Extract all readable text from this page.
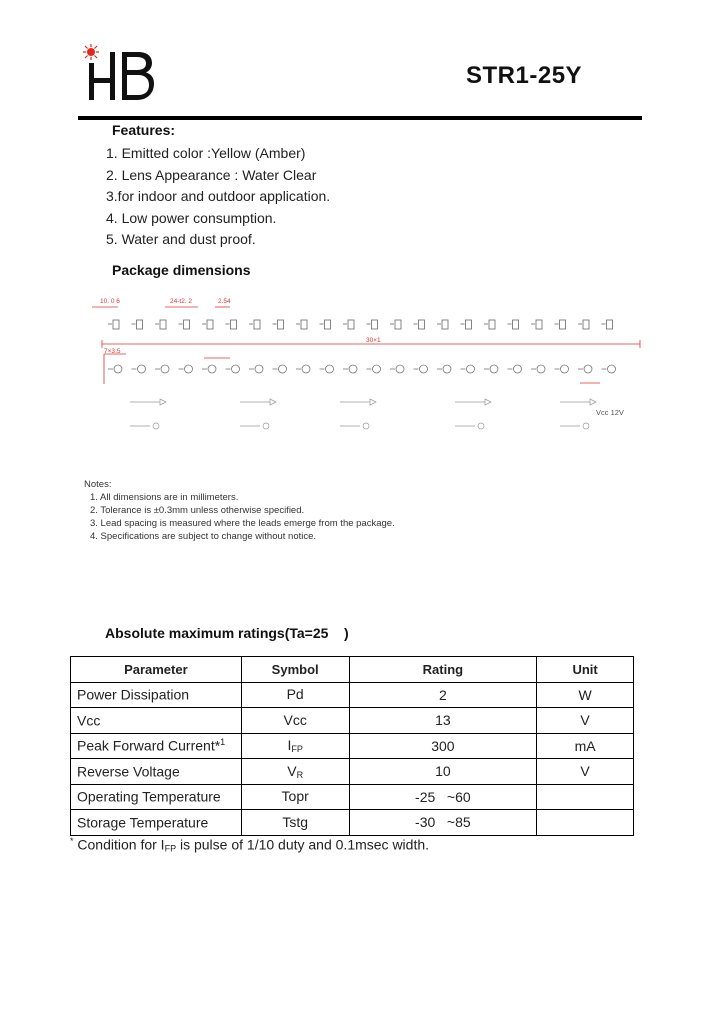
STR1-25Y
Features:
1. Emitted color :Yellow (Amber)
2. Lens Appearance : Water Clear
3.for indoor and outdoor application.
4. Low power consumption.
5. Water and dust proof.
Package dimensions
10. 0 6	24-t2. 2	2.54
30×1
7×3.5
Vcc 12V
Notes:
1. All dimensions are in millimeters.
2. Tolerance is ±0.3mm unless otherwise specified.
3. Lead spacing is measured where the leads emerge from the package.
4. Specifications are subject to change without notice.
Absolute maximum ratings(Ta=25    )
Parameter	Symbol	Rating	Unit
Power Dissipation	Pd	2	W
Vcc	Vcc	13	V
Peak Forward Current*$^1$	$I_{FP}$	300	mA
Reverse Voltage	$V_R$	10	V
Operating Temperature	Topr	-25   ~60	
Storage Temperature	Tstg	-30   ~85	
* Condition for $I_{FP}$ is pulse of 1/10 duty and 0.1msec width.
